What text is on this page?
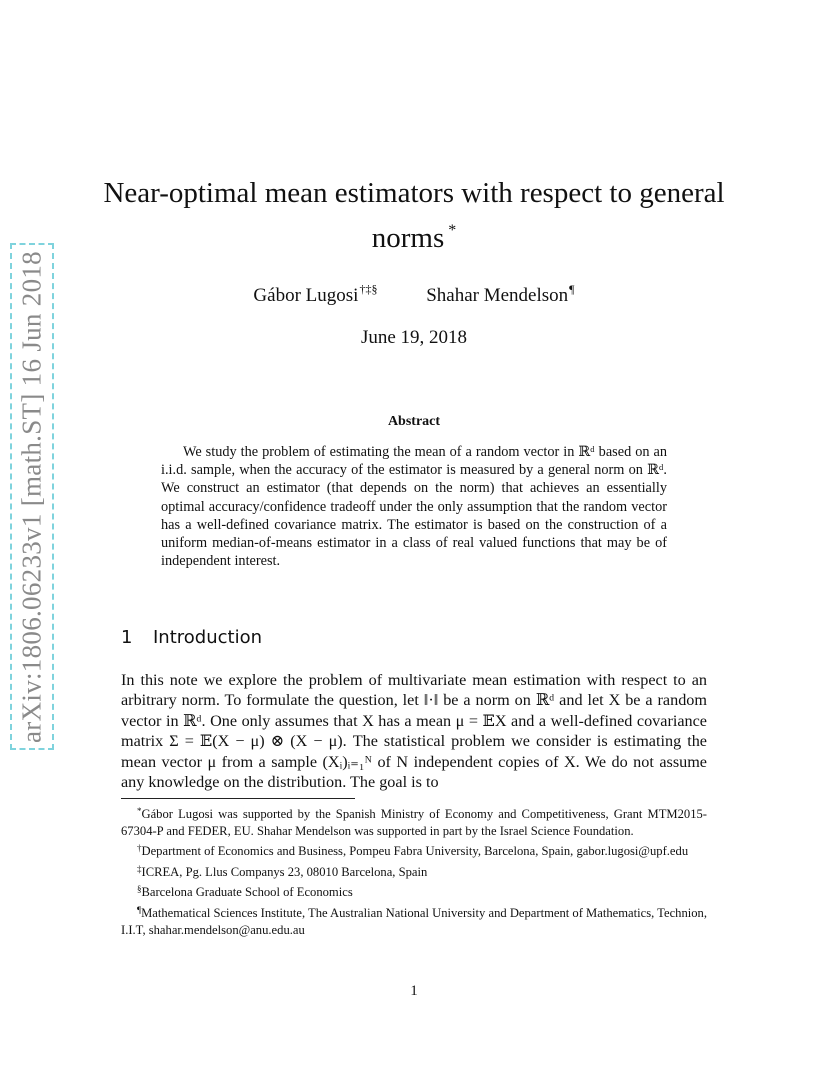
arXiv:1806.06233v1 [math.ST] 16 Jun 2018
Near-optimal mean estimators with respect to general norms *
Gábor Lugosi†‡§	Shahar Mendelson¶
June 19, 2018
Abstract

We study the problem of estimating the mean of a random vector in ℝᵈ based on an i.i.d. sample, when the accuracy of the estimator is measured by a general norm on ℝᵈ. We construct an estimator (that depends on the norm) that achieves an essentially optimal accuracy/confidence tradeoff under the only assumption that the random vector has a well-defined covariance matrix. The estimator is based on the construction of a uniform median-of-means estimator in a class of real valued functions that may be of independent interest.

1 Introduction

In this note we explore the problem of multivariate mean estimation with respect to an arbitrary norm. To formulate the question, let ‖·‖ be a norm on ℝᵈ and let X be a random vector in ℝᵈ. One only assumes that X has a mean μ = 𝔼X and a well-defined covariance matrix Σ = 𝔼(X − μ) ⊗ (X − μ). The statistical problem we consider is estimating the mean vector μ from a sample (Xᵢ)ᵢ₌₁ᴺ of N independent copies of X. We do not assume any knowledge on the distribution. The goal is to

*Gábor Lugosi was supported by the Spanish Ministry of Economy and Competitiveness, Grant MTM2015-67304-P and FEDER, EU. Shahar Mendelson was supported in part by the Israel Science Foundation.

†Department of Economics and Business, Pompeu Fabra University, Barcelona, Spain, gabor.lugosi@upf.edu

‡ICREA, Pg. Llus Companys 23, 08010 Barcelona, Spain

§Barcelona Graduate School of Economics

¶Mathematical Sciences Institute, The Australian National University and Department of Mathematics, Technion, I.I.T, shahar.mendelson@anu.edu.au

1
